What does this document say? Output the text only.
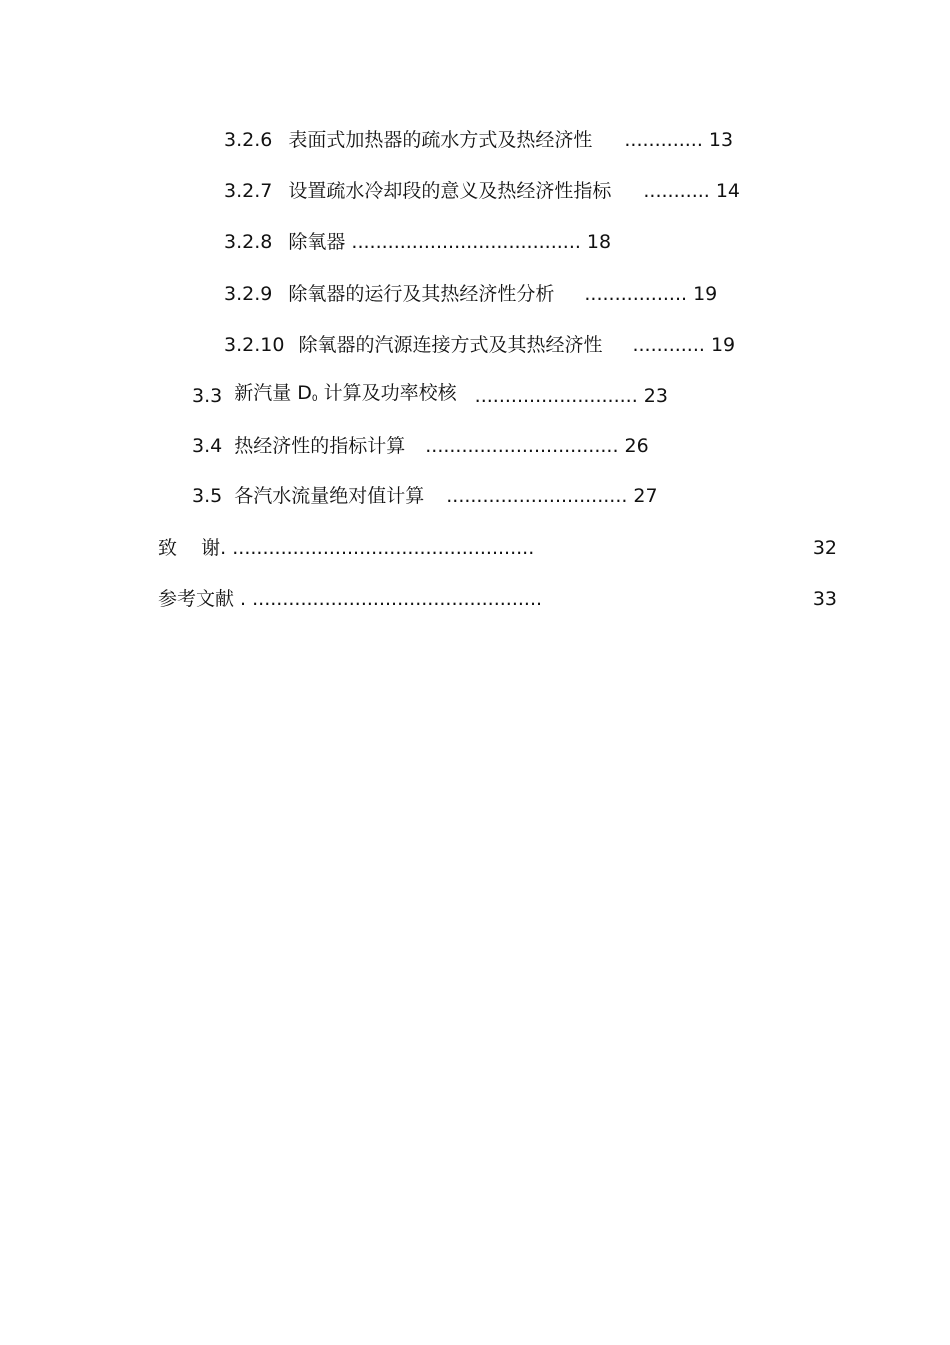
3.2.6 表面式加热器的疏水方式及热经济性 ............. 13
3.2.7 设置疏水冷却段的意义及热经济性指标 ........... 14
3.2.8 除氧器 . ..................................... 18
3.2.9 除氧器的运行及其热经济性分析 ................. 19
3.2.10 除氧器的汽源连接方式及其热经济性 ............ 19
3.3 新汽量 $D_0$ 计算及功率校核 ........................... 23
3.4 热经济性的指标计算 ................................ 26
3.5 各汽水流量绝对值计算 .............................. 27
致    谢 . ..................................................	32
参考文献 . ................................................	33
